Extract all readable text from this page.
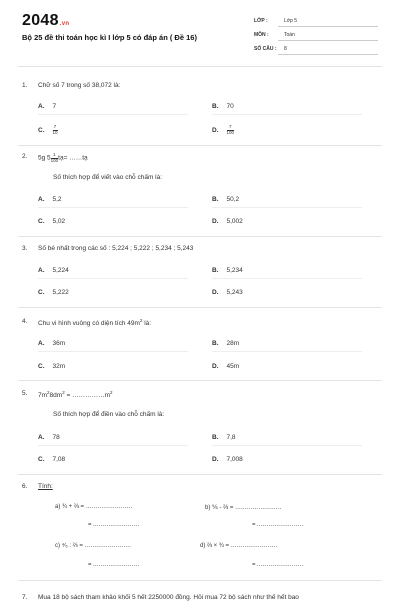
2048.vn
Bộ 25 đề thi toán học kì I lớp 5 có đáp án ( Đề 16)
LỚP :	Lớp 5
MÔN :	Toán
SỐ CÂU : 8
1. Chữ số 7 trong số 38,072 là:
A. 7	B. 70
C. $\frac{7}{10}$	D. $\frac{7}{100}$
2. 5g $5 \frac{1}{100}$ tạ= ……tạ
Số thích hợp để viết vào chỗ chấm là:
A. 5,2	B. 50,2
C. 5,02	D. 5,002
3. Số bé nhất trong các số : 5,224 ; 5,222 ; 5,234 ; 5,243
A. 5,224	B. 5,234
C. 5,222	D. 5,243
4. Chu vi hình vuông có diện tích $49m^2$ là:
A. 36m	B. 28m
C. 32m	D. 45m
5. $7m^28dm^2$ = $\dots\dots\dots\dots\dots m^2$
Số thích hợp để điền vào chỗ chấm là:
A. 78	B. 7,8
C. 7,08	D. 7,008
6. Tính:
a) ¾ + ⅔ = ……………………
= ……………………
b) ⅚ - ⅔ = ……………………
= ……………………
c) ⁴⁄₅ : ⅔ = ……………………
= ……………………
d) ⅔ × ¾ = ……………………
= ……………………
7. Mua 18 bộ sách tham khảo khối 5 hết 2250000 đồng. Hỏi mua 72 bộ sách như thế hết bao
